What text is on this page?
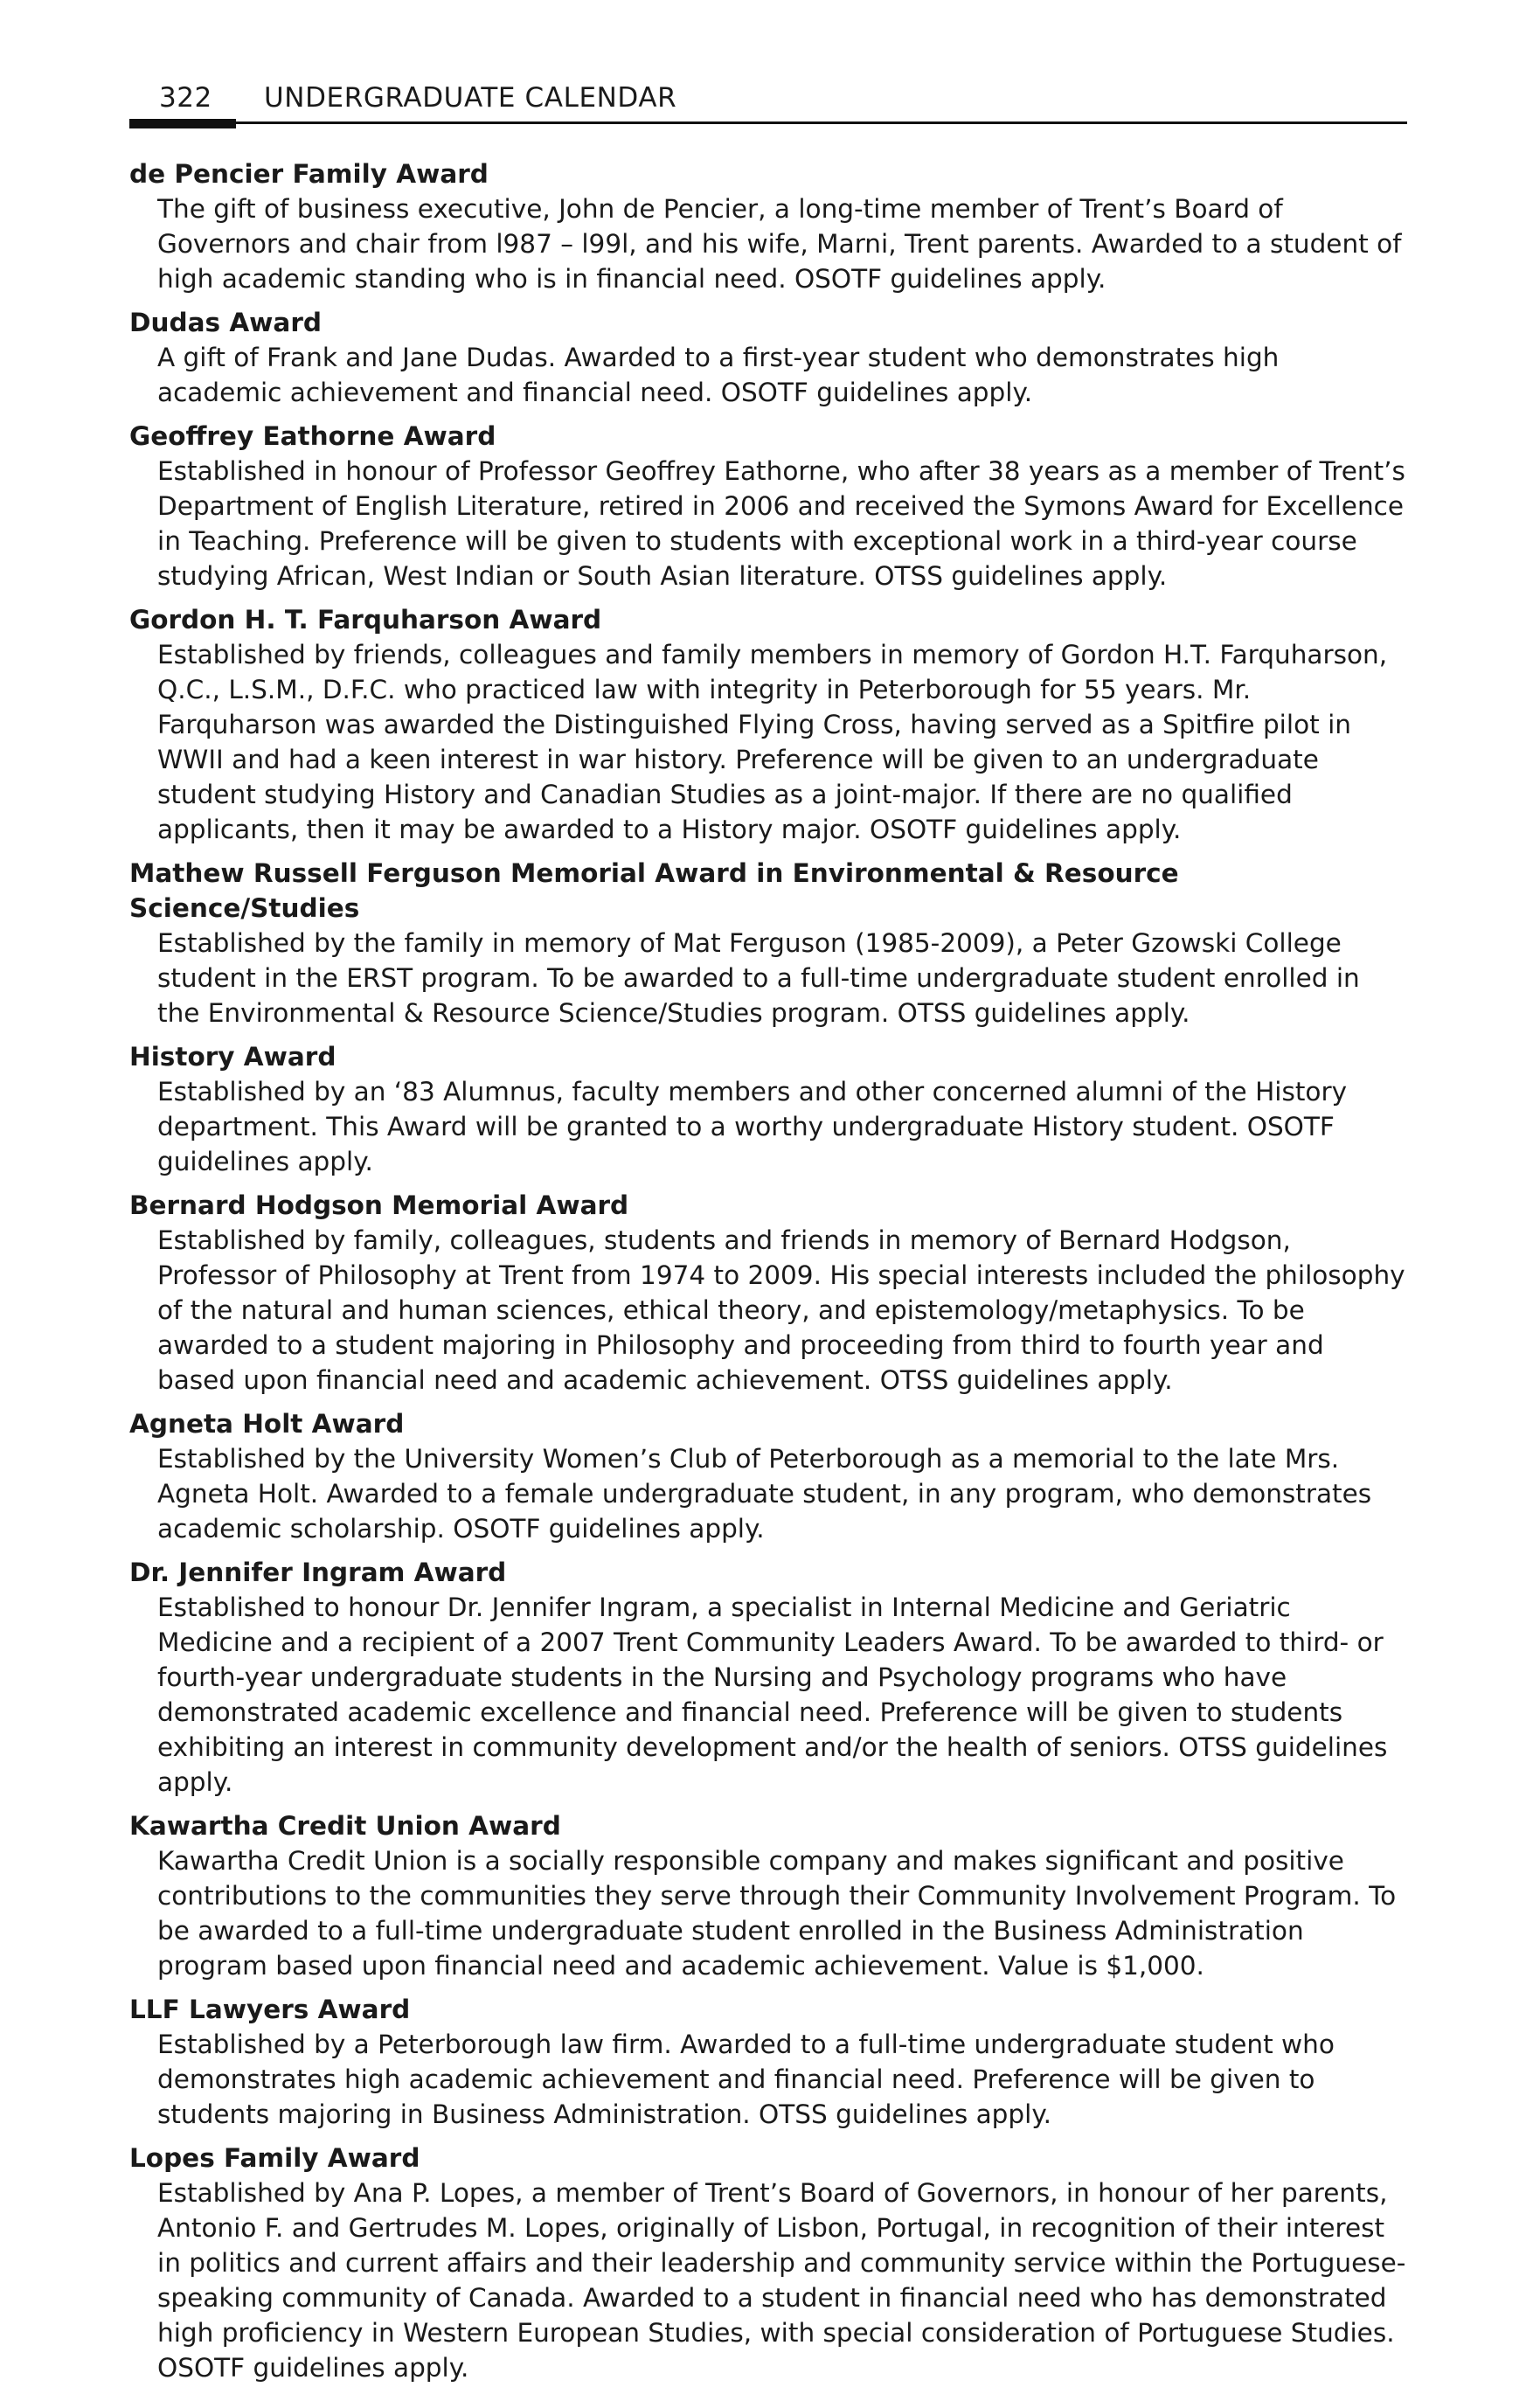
322 UNDERGRADUATE CALENDAR

de Pencier Family Award

The gift of business executive, John de Pencier, a long-time member of Trent’s Board of Governors and chair from l987 – l99l, and his wife, Marni, Trent parents. Awarded to a student of high academic standing who is in financial need. OSOTF guidelines apply.

Dudas Award

A gift of Frank and Jane Dudas. Awarded to a first-year student who demonstrates high academic achievement and financial need. OSOTF guidelines apply.

Geoffrey Eathorne Award

Established in honour of Professor Geoffrey Eathorne, who after 38 years as a member of Trent’s Department of English Literature, retired in 2006 and received the Symons Award for Excellence in Teaching. Preference will be given to students with exceptional work in a third-year course studying African, West Indian or South Asian literature. OTSS guidelines apply.

Gordon H. T. Farquharson Award

Established by friends, colleagues and family members in memory of Gordon H.T. Farquharson, Q.C., L.S.M., D.F.C. who practiced law with integrity in Peterborough for 55 years. Mr. Farquharson was awarded the Distinguished Flying Cross, having served as a Spitfire pilot in WWII and had a keen interest in war history. Preference will be given to an undergraduate student studying History and Canadian Studies as a joint-major. If there are no qualified applicants, then it may be awarded to a History major. OSOTF guidelines apply.

Mathew Russell Ferguson Memorial Award in Environmental & Resource Science/Studies

Established by the family in memory of Mat Ferguson (1985-2009), a Peter Gzowski College student in the ERST program. To be awarded to a full-time undergraduate student enrolled in the Environmental & Resource Science/Studies program. OTSS guidelines apply.

History Award

Established by an ‘83 Alumnus, faculty members and other concerned alumni of the History department. This Award will be granted to a worthy undergraduate History student. OSOTF guidelines apply.

Bernard Hodgson Memorial Award

Established by family, colleagues, students and friends in memory of Bernard Hodgson, Professor of Philosophy at Trent from 1974 to 2009. His special interests included the philosophy of the natural and human sciences, ethical theory, and epistemology/metaphysics. To be awarded to a student majoring in Philosophy and proceeding from third to fourth year and based upon financial need and academic achievement. OTSS guidelines apply.

Agneta Holt Award

Established by the University Women’s Club of Peterborough as a memorial to the late Mrs. Agneta Holt. Awarded to a female undergraduate student, in any program, who demonstrates academic scholarship. OSOTF guidelines apply.

Dr. Jennifer Ingram Award

Established to honour Dr. Jennifer Ingram, a specialist in Internal Medicine and Geriatric Medicine and a recipient of a 2007 Trent Community Leaders Award. To be awarded to third- or fourth-year undergraduate students in the Nursing and Psychology programs who have demonstrated academic excellence and financial need. Preference will be given to students exhibiting an interest in community development and/or the health of seniors. OTSS guidelines apply.

Kawartha Credit Union Award

Kawartha Credit Union is a socially responsible company and makes significant and positive contributions to the communities they serve through their Community Involvement Program. To be awarded to a full-time undergraduate student enrolled in the Business Administration program based upon financial need and academic achievement. Value is $1,000.

LLF Lawyers Award

Established by a Peterborough law firm. Awarded to a full-time undergraduate student who demonstrates high academic achievement and financial need. Preference will be given to students majoring in Business Administration. OTSS guidelines apply.

Lopes Family Award

Established by Ana P. Lopes, a member of Trent’s Board of Governors, in honour of her parents, Antonio F. and Gertrudes M. Lopes, originally of Lisbon, Portugal, in recognition of their interest in politics and current affairs and their leadership and community service within the Portuguese-speaking community of Canada. Awarded to a student in financial need who has demonstrated high proficiency in Western European Studies, with special consideration of Portuguese Studies. OSOTF guidelines apply.
